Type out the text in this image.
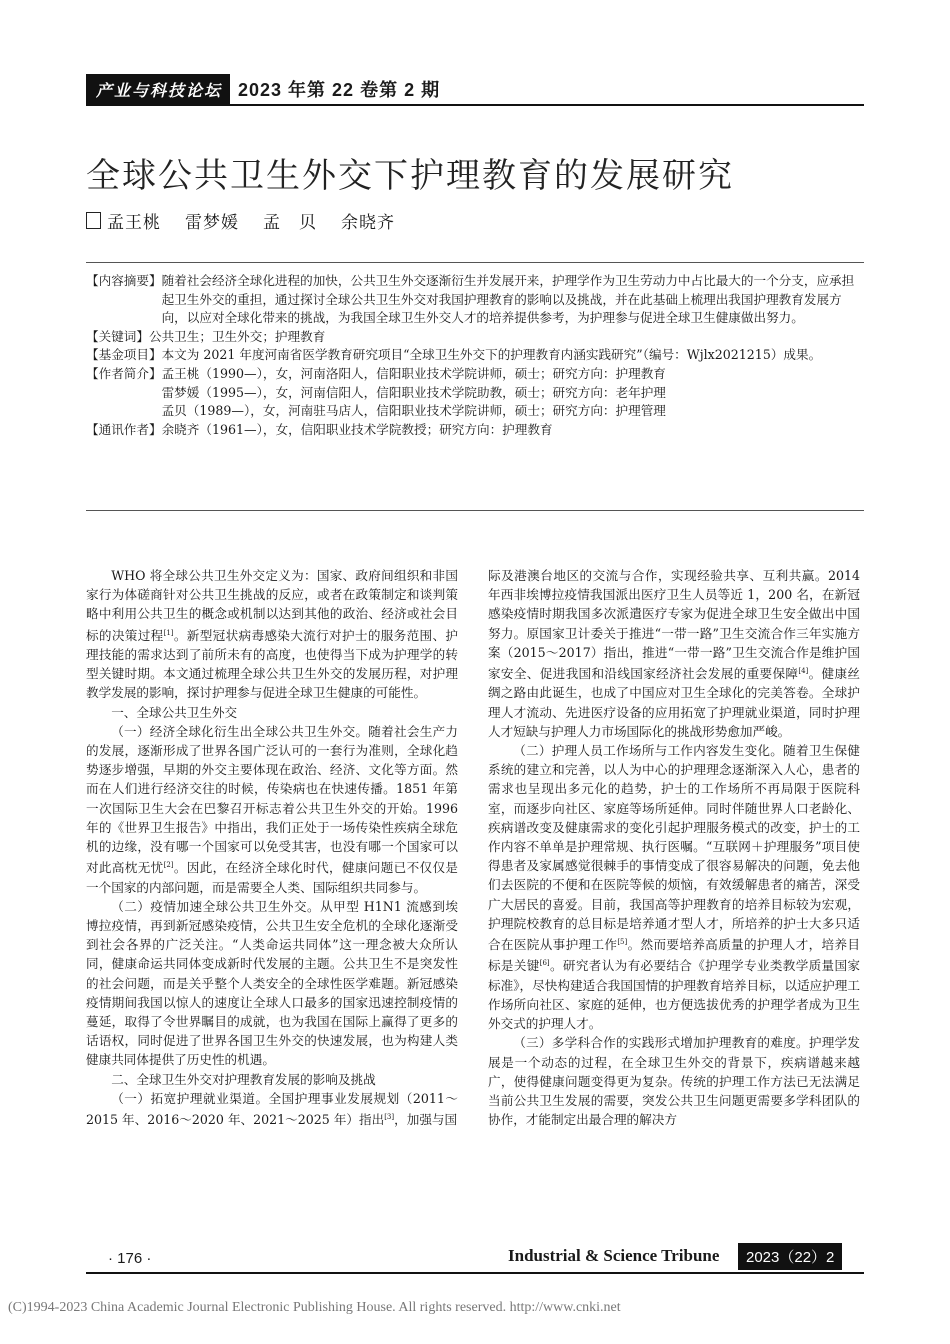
产业与科技论坛 2023 年第 22 卷第 2 期
全球公共卫生外交下护理教育的发展研究
孟王桃 雷梦媛 孟　贝 余晓齐
【内容摘要】 随着社会经济全球化进程的加快，公共卫生外交逐渐衍生并发展开来，护理学作为卫生劳动力中占比最大的一个分支，应承担起卫生外交的重担，通过探讨全球公共卫生外交对我国护理教育的影响以及挑战，并在此基础上梳理出我国护理教育发展方向，以应对全球化带来的挑战，为我国全球卫生外交人才的培养提供参考，为护理参与促进全球卫生健康做出努力。
【关键词】 公共卫生；卫生外交；护理教育
【基金项目】 本文为 2021 年度河南省医学教育研究项目“全球卫生外交下的护理教育内涵实践研究”（编号：Wjlx2021215）成果。
【作者简介】 孟王桃（1990—），女，河南洛阳人，信阳职业技术学院讲师，硕士；研究方向：护理教育
雷梦媛（1995—），女，河南信阳人，信阳职业技术学院助教，硕士；研究方向：老年护理
孟贝（1989—），女，河南驻马店人，信阳职业技术学院讲师，硕士；研究方向：护理管理
【通讯作者】 余晓齐（1961—），女，信阳职业技术学院教授；研究方向：护理教育

WHO 将全球公共卫生外交定义为：国家、政府间组织和非国家行为体磋商针对公共卫生挑战的反应，或者在政策制定和谈判策略中利用公共卫生的概念或机制以达到其他的政治、经济或社会目标的决策过程[1]。新型冠状病毒感染大流行对护士的服务范围、护理技能的需求达到了前所未有的高度，也使得当下成为护理学的转型关键时期。本文通过梳理全球公共卫生外交的发展历程，对护理教学发展的影响，探讨护理参与促进全球卫生健康的可能性。

一、全球公共卫生外交

（一）经济全球化衍生出全球公共卫生外交。随着社会生产力的发展，逐渐形成了世界各国广泛认可的一套行为准则，全球化趋势逐步增强，早期的外交主要体现在政治、经济、文化等方面。然而在人们进行经济交往的时候，传染病也在快速传播。1851 年第一次国际卫生大会在巴黎召开标志着公共卫生外交的开始。1996 年的《世界卫生报告》中指出，我们正处于一场传染性疾病全球危机的边缘，没有哪一个国家可以免受其害，也没有哪一个国家可以对此高枕无忧[2]。因此，在经济全球化时代，健康问题已不仅仅是一个国家的内部问题，而是需要全人类、国际组织共同参与。

（二）疫情加速全球公共卫生外交。从甲型 H1N1 流感到埃博拉疫情，再到新冠感染疫情，公共卫生安全危机的全球化逐渐受到社会各界的广泛关注。“人类命运共同体”这一理念被大众所认同，健康命运共同体变成新时代发展的主题。公共卫生不是突发性的社会问题，而是关乎整个人类安全的全球性医学难题。新冠感染疫情期间我国以惊人的速度让全球人口最多的国家迅速控制疫情的蔓延，取得了令世界瞩目的成就，也为我国在国际上赢得了更多的话语权，同时促进了世界各国卫生外交的快速发展，也为构建人类健康共同体提供了历史性的机遇。

二、全球卫生外交对护理教育发展的影响及挑战

（一）拓宽护理就业渠道。全国护理事业发展规划（2011～2015 年、2016～2020 年、2021～2025 年）指出[3]，加强与国

际及港澳台地区的交流与合作，实现经验共享、互利共赢。2014 年西非埃博拉疫情我国派出医疗卫生人员等近 1，200 名，在新冠感染疫情时期我国多次派遣医疗专家为促进全球卫生安全做出中国努力。原国家卫计委关于推进“一带一路”卫生交流合作三年实施方案（2015～2017）指出，推进“一带一路”卫生交流合作是维护国家安全、促进我国和沿线国家经济社会发展的重要保障[4]。健康丝绸之路由此诞生，也成了中国应对卫生全球化的完美答卷。全球护理人才流动、先进医疗设备的应用拓宽了护理就业渠道，同时护理人才短缺与护理人力市场国际化的挑战形势愈加严峻。

（二）护理人员工作场所与工作内容发生变化。随着卫生保健系统的建立和完善，以人为中心的护理理念逐渐深入人心，患者的需求也呈现出多元化的趋势，护士的工作场所不再局限于医院科室，而逐步向社区、家庭等场所延伸。同时伴随世界人口老龄化、疾病谱改变及健康需求的变化引起护理服务模式的改变，护士的工作内容不单单是护理常规、执行医嘱。“互联网＋护理服务”项目使得患者及家属感觉很棘手的事情变成了很容易解决的问题，免去他们去医院的不便和在医院等候的烦恼，有效缓解患者的痛苦，深受广大居民的喜爱。目前，我国高等护理教育的培养目标较为宏观，护理院校教育的总目标是培养通才型人才，所培养的护士大多只适合在医院从事护理工作[5]。然而要培养高质量的护理人才，培养目标是关键[6]。研究者认为有必要结合《护理学专业类教学质量国家标准》，尽快构建适合我国国情的护理教育培养目标，以适应护理工作场所向社区、家庭的延伸，也方便选拔优秀的护理学者成为卫生外交式的护理人才。

（三）多学科合作的实践形式增加护理教育的难度。护理学发展是一个动态的过程，在全球卫生外交的背景下，疾病谱越来越广，使得健康问题变得更为复杂。传统的护理工作方法已无法满足当前公共卫生发展的需要，突发公共卫生问题更需要多学科团队的协作，才能制定出最合理的解决方

· 176 ·	Industrial & Science Tribune	2023（22）2
(C)1994-2023 China Academic Journal Electronic Publishing House. All rights reserved. http://www.cnki.net
